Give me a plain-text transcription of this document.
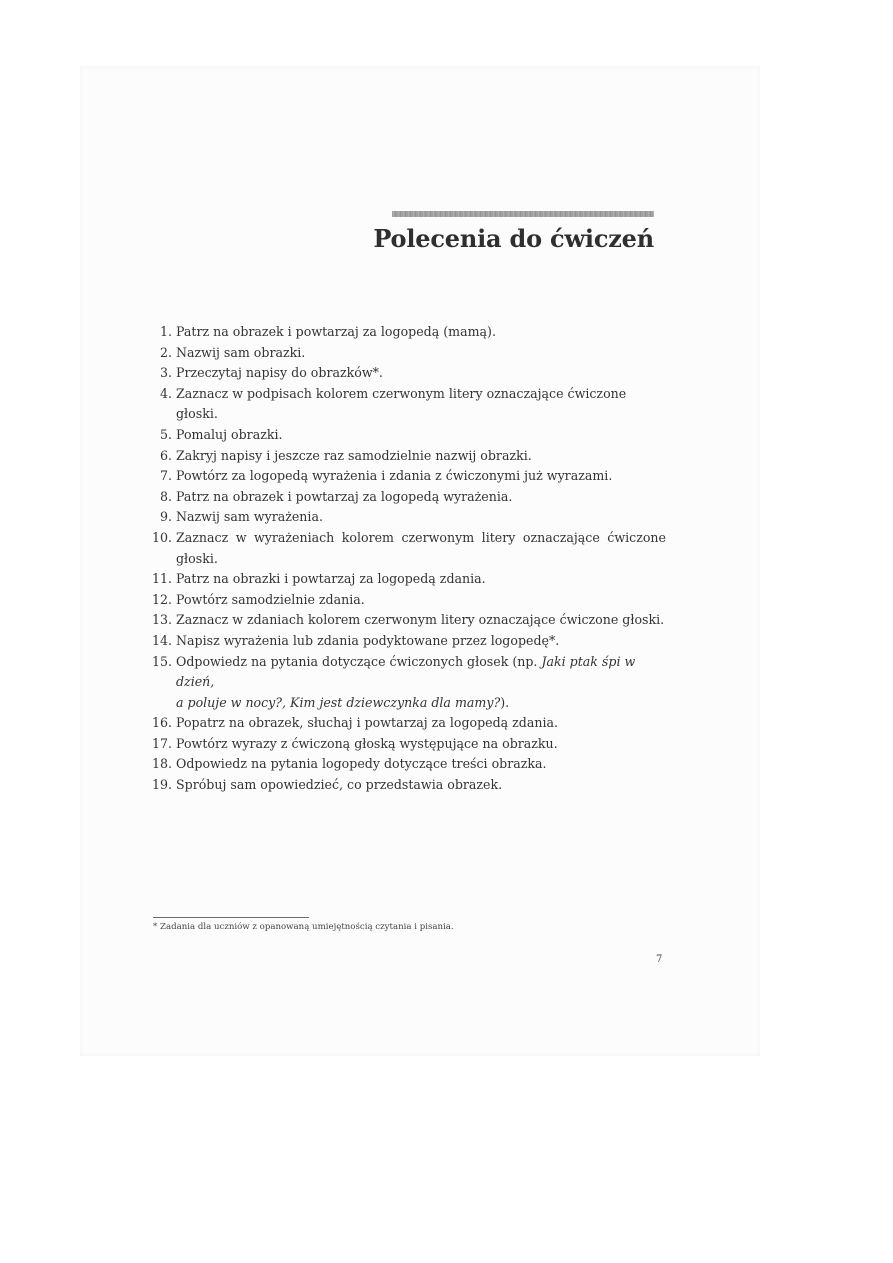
Polecenia do ćwiczeń
1. Patrz na obrazek i powtarzaj za logopedą (mamą).
2. Nazwij sam obrazki.
3. Przeczytaj napisy do obrazków*.
4. Zaznacz w podpisach kolorem czerwonym litery oznaczające ćwiczone głoski.
5. Pomaluj obrazki.
6. Zakryj napisy i jeszcze raz samodzielnie nazwij obrazki.
7. Powtórz za logopedą wyrażenia i zdania z ćwiczonymi już wyrazami.
8. Patrz na obrazek i powtarzaj za logopedą wyrażenia.
9. Nazwij sam wyrażenia.
10. Zaznacz w wyrażeniach kolorem czerwonym litery oznaczające ćwiczone
głoski.
11. Patrz na obrazki i powtarzaj za logopedą zdania.
12. Powtórz samodzielnie zdania.
13. Zaznacz w zdaniach kolorem czerwonym litery oznaczające ćwiczone głoski.
14. Napisz wyrażenia lub zdania podyktowane przez logopedę*.
15. Odpowiedz na pytania dotyczące ćwiczonych głosek (np. Jaki ptak śpi w dzień,
a poluje w nocy?, Kim jest dziewczynka dla mamy?).
16. Popatrz na obrazek, słuchaj i powtarzaj za logopedą zdania.
17. Powtórz wyrazy z ćwiczoną głoską występujące na obrazku.
18. Odpowiedz na pytania logopedy dotyczące treści obrazka.
19. Spróbuj sam opowiedzieć, co przedstawia obrazek.

* Zadania dla uczniów z opanowaną umiejętnością czytania i pisania.

7
